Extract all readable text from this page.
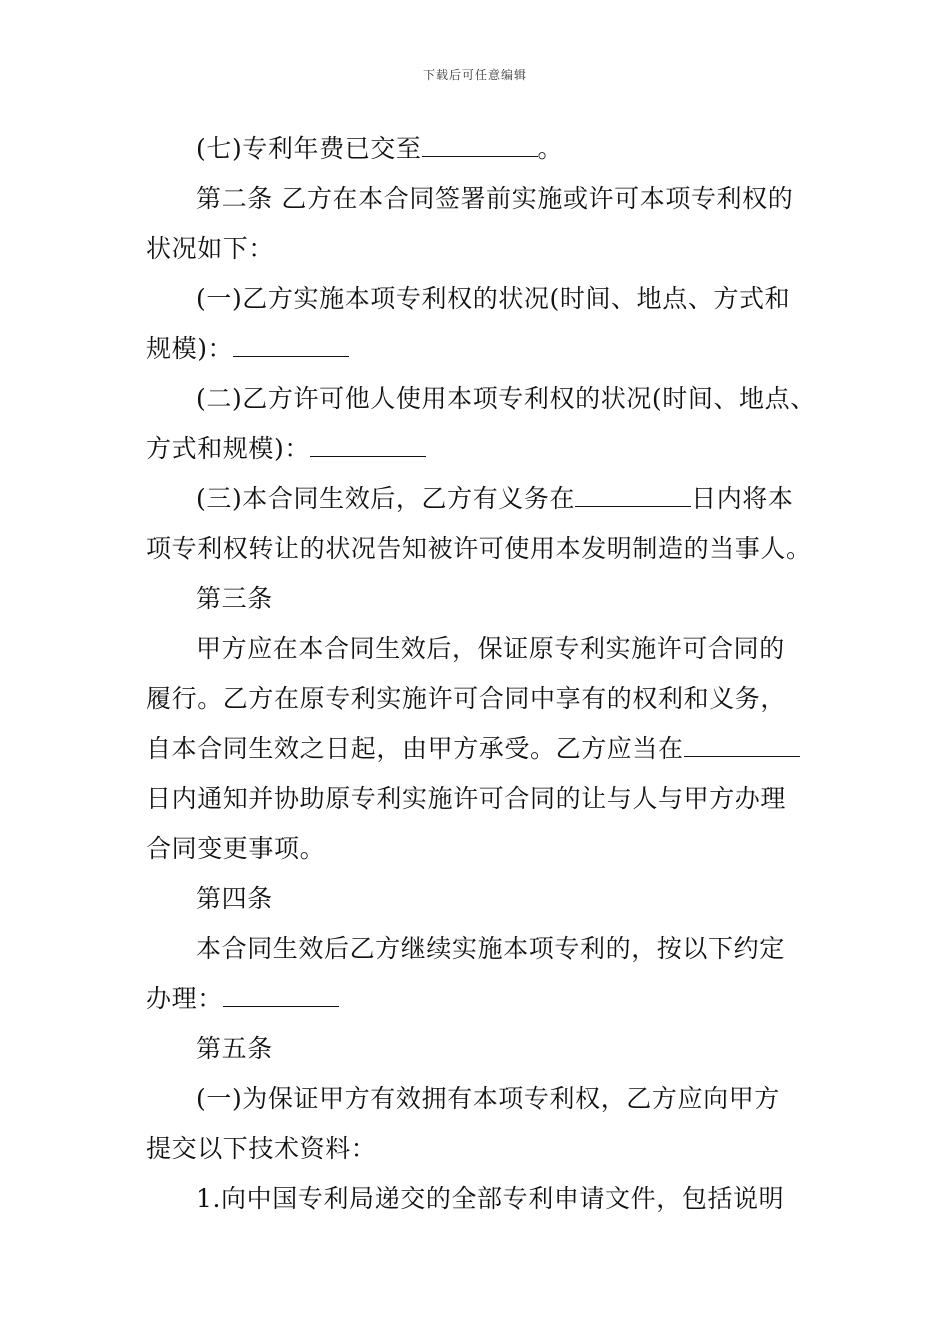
下载后可任意编辑
(七)专利年费已交至	。
第二条 乙方在本合同签署前实施或许可本项专利权的
状况如下：
(一)乙方实施本项专利权的状况(时间、地点、方式和
规模)：
(二)乙方许可他人使用本项专利权的状况(时间、地点、
方式和规模)：
(三)本合同生效后，乙方有义务在	日内将本
项专利权转让的状况告知被许可使用本发明制造的当事人。
第三条
甲方应在本合同生效后，保证原专利实施许可合同的
履行。乙方在原专利实施许可合同中享有的权利和义务，
自本合同生效之日起，由甲方承受。乙方应当在
日内通知并协助原专利实施许可合同的让与人与甲方办理
合同变更事项。
第四条
本合同生效后乙方继续实施本项专利的，按以下约定
办理：
第五条
(一)为保证甲方有效拥有本项专利权，乙方应向甲方
提交以下技术资料：
1.向中国专利局递交的全部专利申请文件，包括说明
